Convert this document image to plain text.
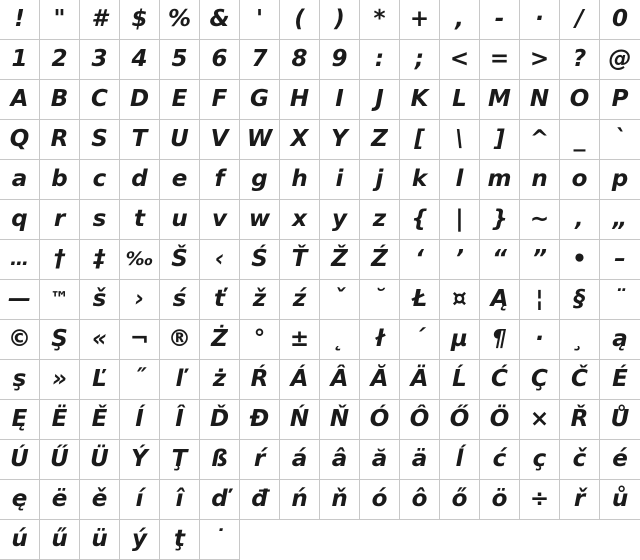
! " # $ % & ' ( ) * + , - · / 0
1 2 3 4 5 6 7 8 9 : ; < = > ? @
A B C D E F G H I J K L M N O P
Q R S T U V W X Y Z [ \ ] ^ _ `
a b c d e f g h i j k l m n o p
q r s t u v w x y z { | } ~ ‚ „
… † ‡ ‰ Š ‹ Ś Ť Ž Ź ‘ ’ “ ” • –
— ™ š › ś ť ž ź ˇ ˘ Ł ¤ Ą ¦ § ¨
© Ş « ¬ ® Ż ° ± ˛ ł ´ µ ¶ · ¸ ą
ş » Ľ ˝ ľ ż Ŕ Á Â Ă Ä Ĺ Ć Ç Č É
Ę Ë Ě Í Î Ď Đ Ń Ň Ó Ô Ő Ö × Ř Ů
Ú Ű Ü Ý Ţ ß ŕ á â ă ä ĺ ć ç č é
ę ë ě í î ď đ ń ň ó ô ő ö ÷ ř ů
ú ű ü ý ţ ˙
